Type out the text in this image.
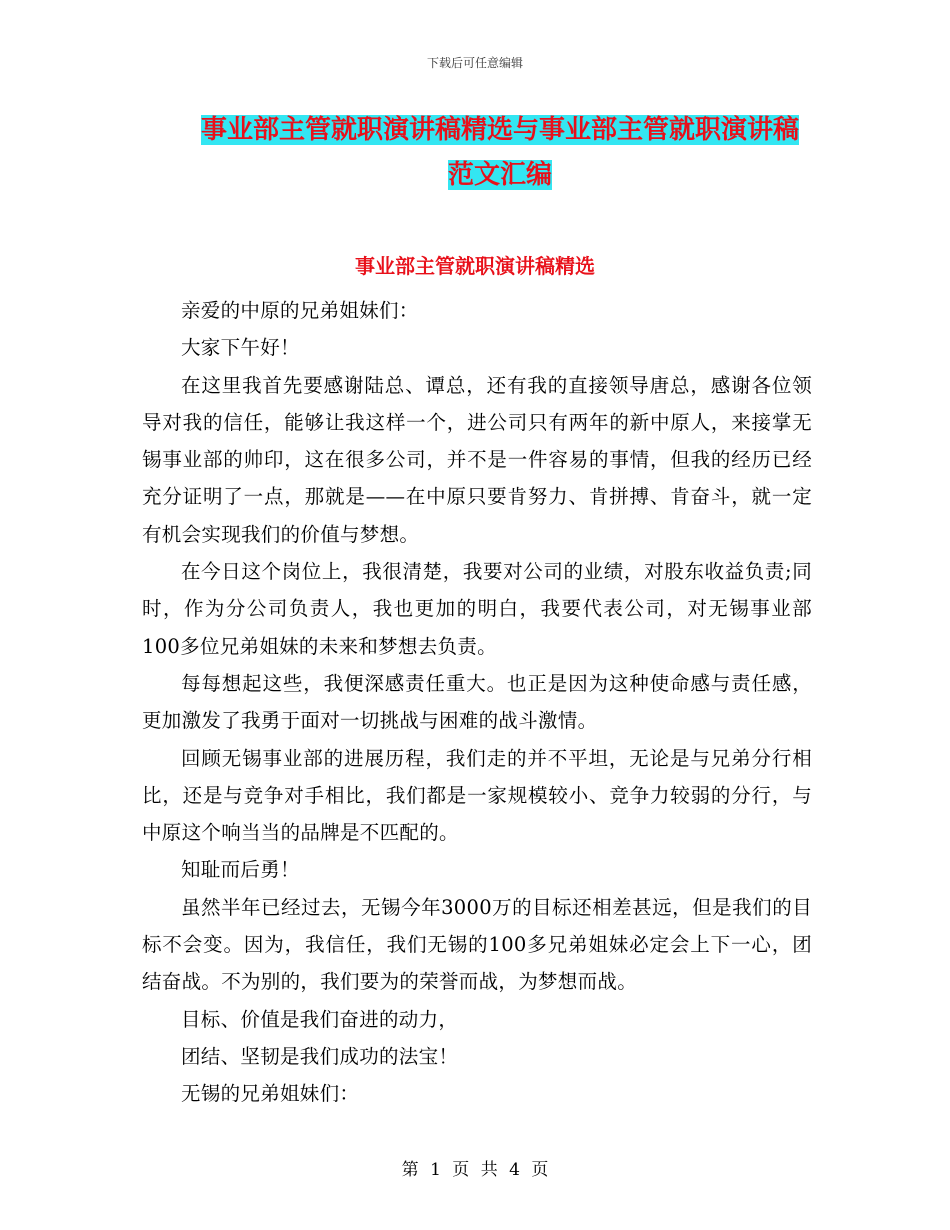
下载后可任意编辑
事业部主管就职演讲稿精选与事业部主管就职演讲稿
范文汇编
事业部主管就职演讲稿精选

亲爱的中原的兄弟姐妹们：

大家下午好！

在这里我首先要感谢陆总、谭总，还有我的直接领导唐总，感谢各位领导对我的信任，能够让我这样一个，进公司只有两年的新中原人，来接掌无锡事业部的帅印，这在很多公司，并不是一件容易的事情，但我的经历已经充分证明了一点，那就是——在中原只要肯努力、肯拼搏、肯奋斗，就一定有机会实现我们的价值与梦想。

在今日这个岗位上，我很清楚，我要对公司的业绩，对股东收益负责;同时，作为分公司负责人，我也更加的明白，我要代表公司，对无锡事业部100多位兄弟姐妹的未来和梦想去负责。

每每想起这些，我便深感责任重大。也正是因为这种使命感与责任感，更加激发了我勇于面对一切挑战与困难的战斗激情。

回顾无锡事业部的进展历程，我们走的并不平坦，无论是与兄弟分行相比，还是与竞争对手相比，我们都是一家规模较小、竞争力较弱的分行，与中原这个响当当的品牌是不匹配的。

知耻而后勇！

虽然半年已经过去，无锡今年3000万的目标还相差甚远，但是我们的目标不会变。因为，我信任，我们无锡的100多兄弟姐妹必定会上下一心，团结奋战。不为别的，我们要为的荣誉而战，为梦想而战。

目标、价值是我们奋进的动力，

团结、坚韧是我们成功的法宝！

无锡的兄弟姐妹们：

第 1 页 共 4 页
